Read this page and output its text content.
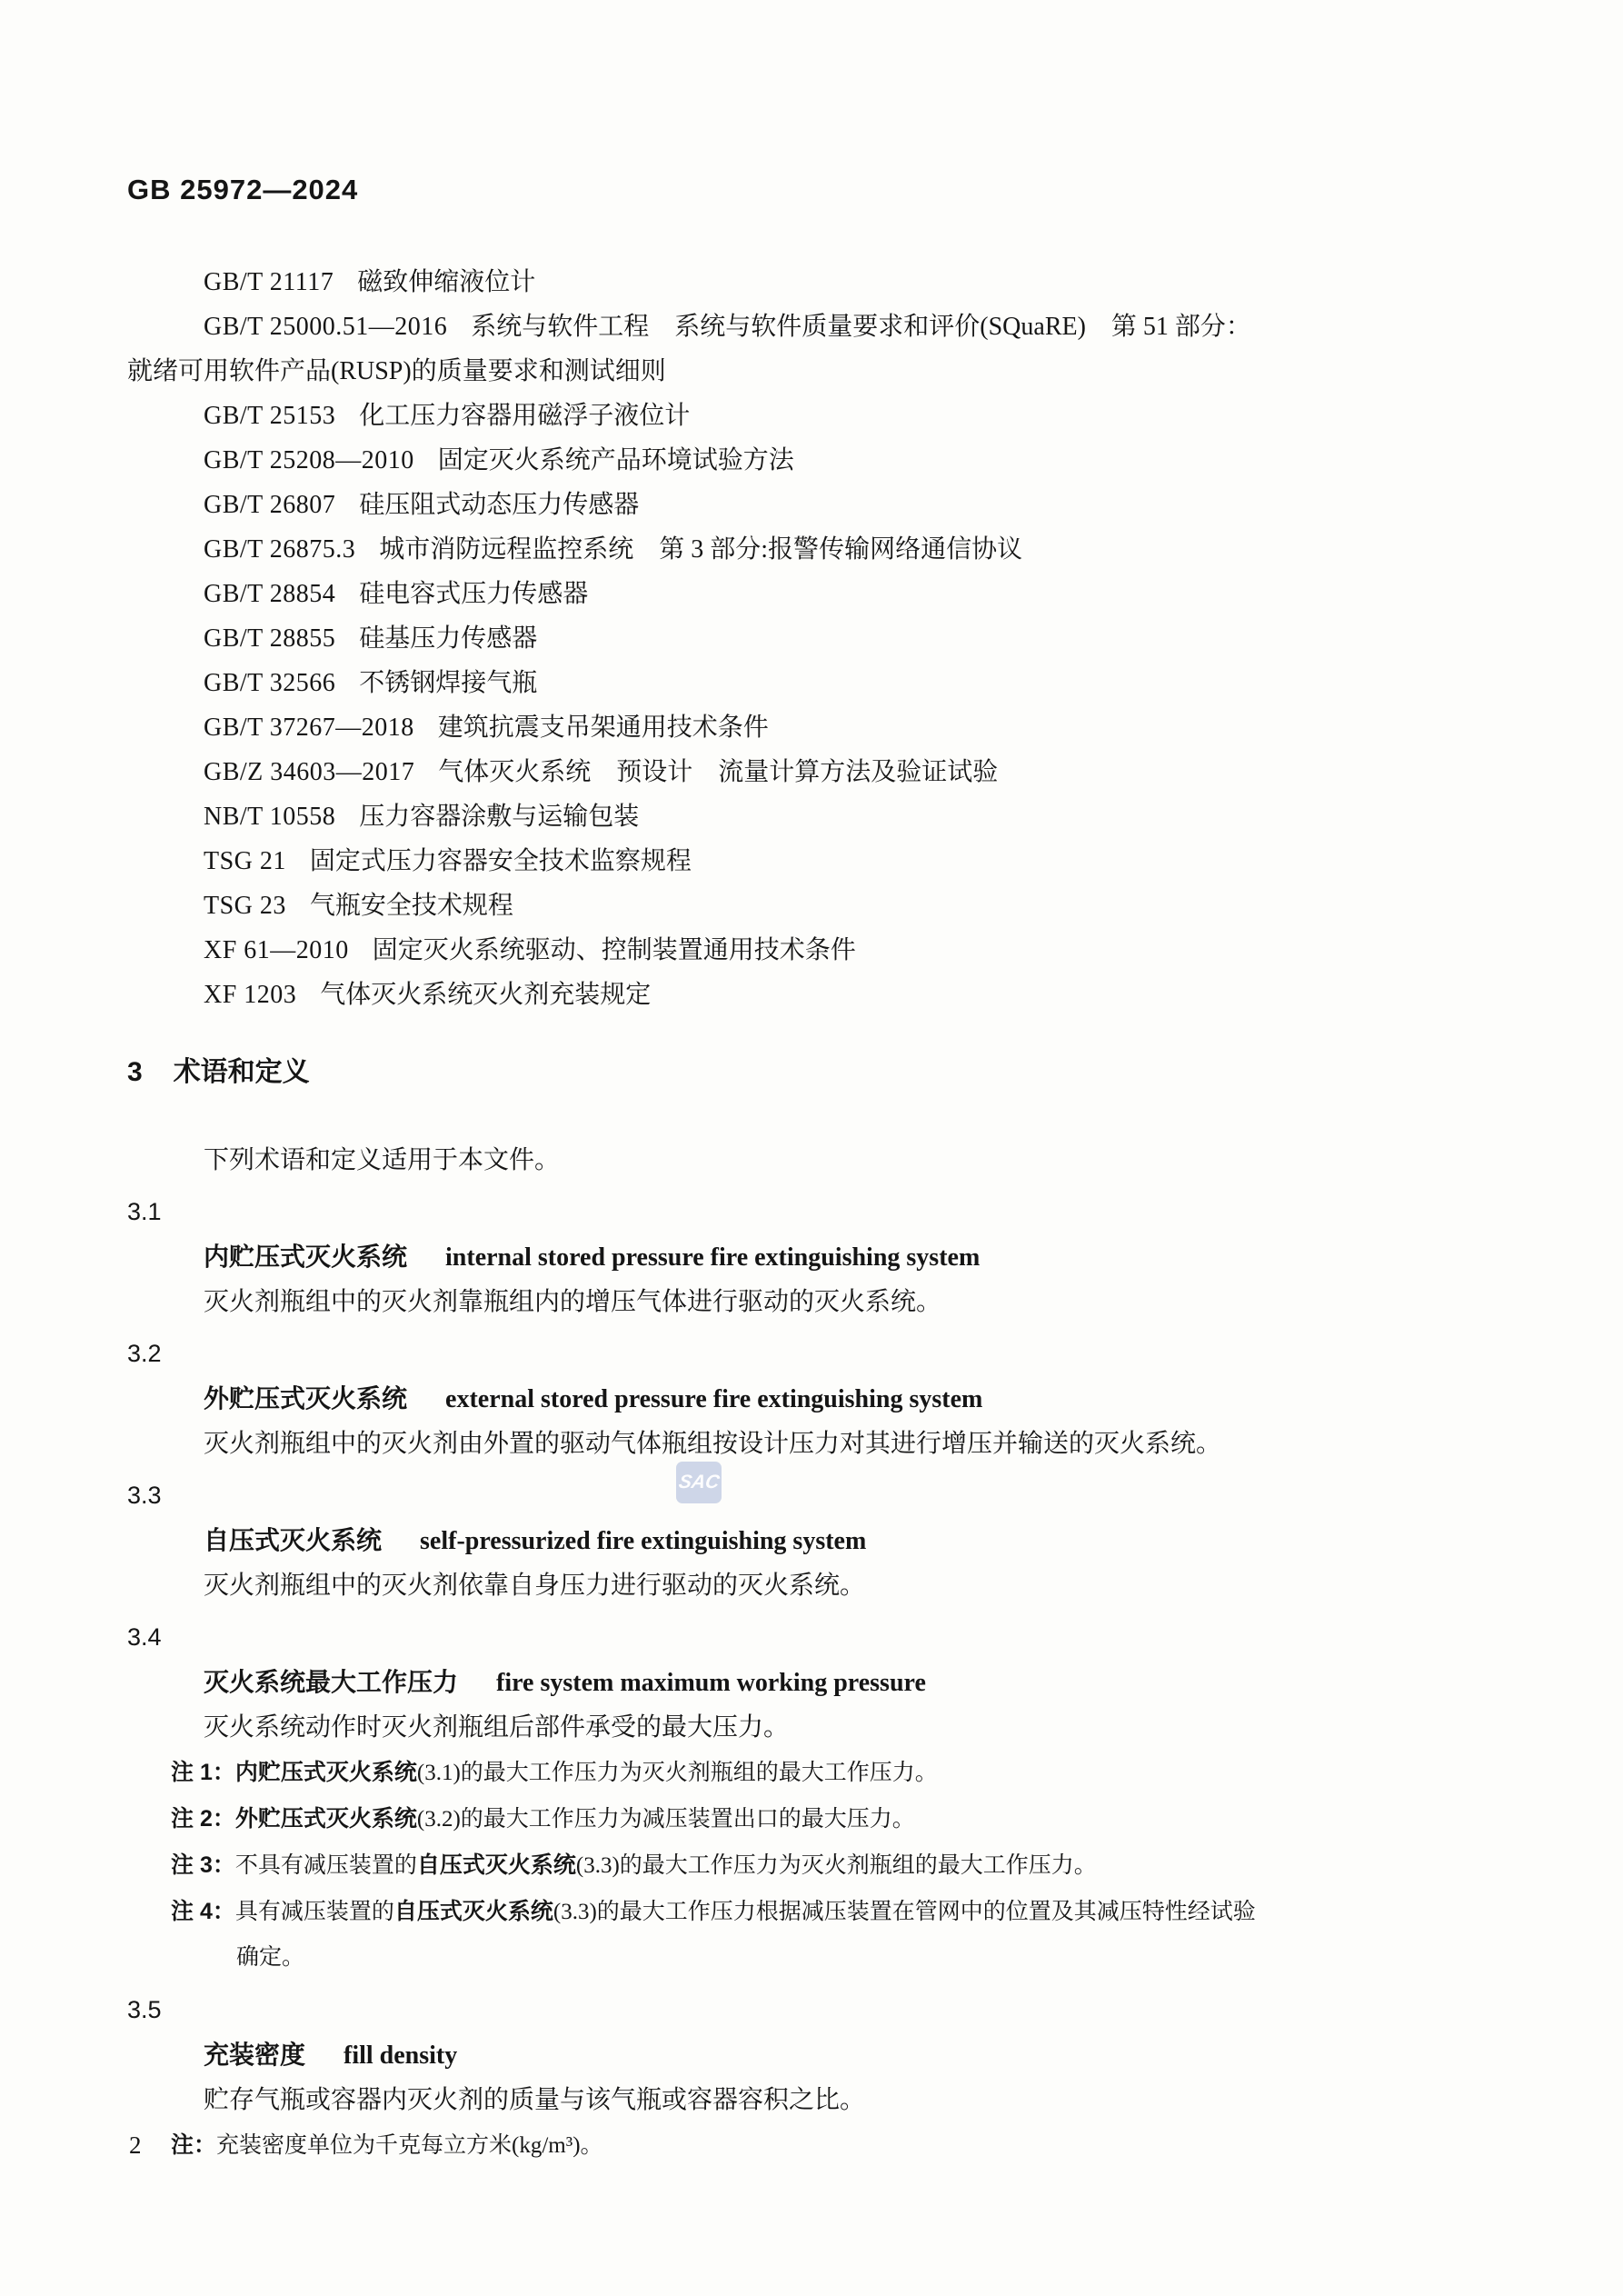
SAC

GB 25972—2024

GB/T 21117 磁致伸缩液位计

GB/T 25000.51—2016 系统与软件工程　系统与软件质量要求和评价(SQuaRE)　第 51 部分：
就绪可用软件产品(RUSP)的质量要求和测试细则

GB/T 25153 化工压力容器用磁浮子液位计

GB/T 25208—2010 固定灭火系统产品环境试验方法

GB/T 26807 硅压阻式动态压力传感器

GB/T 26875.3 城市消防远程监控系统　第 3 部分:报警传输网络通信协议

GB/T 28854 硅电容式压力传感器

GB/T 28855 硅基压力传感器

GB/T 32566 不锈钢焊接气瓶

GB/T 37267—2018 建筑抗震支吊架通用技术条件

GB/Z 34603—2017 气体灭火系统　预设计　流量计算方法及验证试验

NB/T 10558 压力容器涂敷与运输包装

TSG 21 固定式压力容器安全技术监察规程

TSG 23 气瓶安全技术规程

XF 61—2010 固定灭火系统驱动、控制装置通用技术条件

XF 1203 气体灭火系统灭火剂充装规定

3 术语和定义

下列术语和定义适用于本文件。

3.1

内贮压式灭火系统 internal stored pressure fire extinguishing system

灭火剂瓶组中的灭火剂靠瓶组内的增压气体进行驱动的灭火系统。

3.2

外贮压式灭火系统 external stored pressure fire extinguishing system

灭火剂瓶组中的灭火剂由外置的驱动气体瓶组按设计压力对其进行增压并输送的灭火系统。

3.3

自压式灭火系统 self-pressurized fire extinguishing system

灭火剂瓶组中的灭火剂依靠自身压力进行驱动的灭火系统。

3.4

灭火系统最大工作压力 fire system maximum working pressure

灭火系统动作时灭火剂瓶组后部件承受的最大压力。

注 1：内贮压式灭火系统(3.1)的最大工作压力为灭火剂瓶组的最大工作压力。

注 2：外贮压式灭火系统(3.2)的最大工作压力为减压装置出口的最大压力。

注 3：不具有减压装置的自压式灭火系统(3.3)的最大工作压力为灭火剂瓶组的最大工作压力。

注 4：具有减压装置的自压式灭火系统(3.3)的最大工作压力根据减压装置在管网中的位置及其减压特性经试验
确定。

3.5

充装密度 fill density

贮存气瓶或容器内灭火剂的质量与该气瓶或容器容积之比。

注：充装密度单位为千克每立方米(kg/m³)。

2
